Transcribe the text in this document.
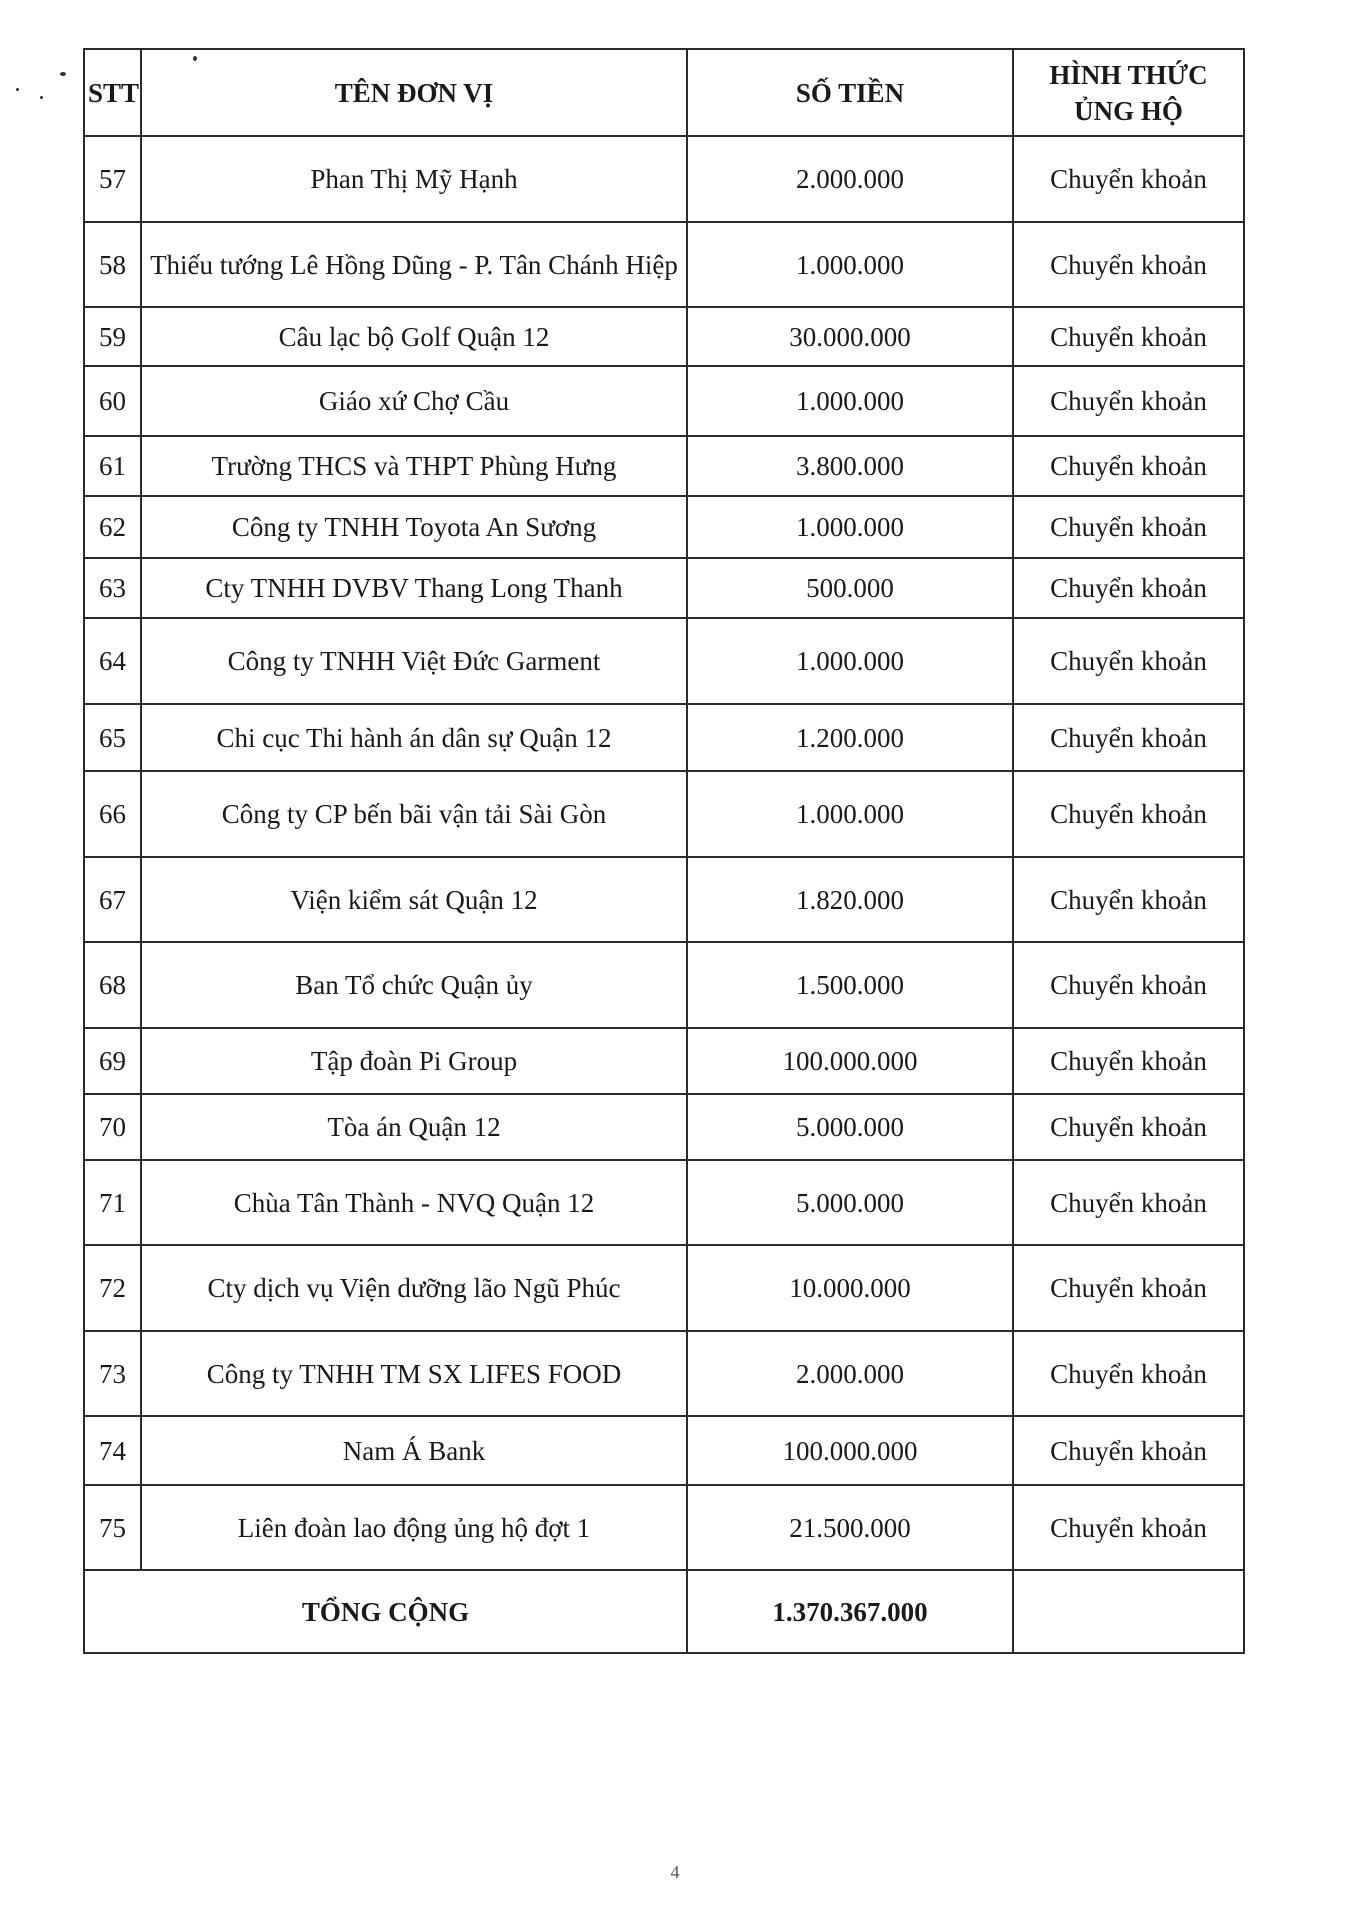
STT	TÊN ĐƠN VỊ	SỐ TIỀN	HÌNH THỨC
ỦNG HỘ

57	Phan Thị Mỹ Hạnh	2.000.000	Chuyển khoản
58	Thiếu tướng Lê Hồng Dũng - P. Tân Chánh Hiệp	1.000.000	Chuyển khoản
59	Câu lạc bộ Golf Quận 12	30.000.000	Chuyển khoản
60	Giáo xứ Chợ Cầu	1.000.000	Chuyển khoản
61	Trường THCS và THPT Phùng Hưng	3.800.000	Chuyển khoản
62	Công ty TNHH Toyota An Sương	1.000.000	Chuyển khoản
63	Cty TNHH DVBV Thang Long Thanh	500.000	Chuyển khoản
64	Công ty TNHH Việt Đức Garment	1.000.000	Chuyển khoản
65	Chi cục Thi hành án dân sự Quận 12	1.200.000	Chuyển khoản
66	Công ty CP bến bãi vận tải Sài Gòn	1.000.000	Chuyển khoản
67	Viện kiểm sát Quận 12	1.820.000	Chuyển khoản
68	Ban Tổ chức Quận ủy	1.500.000	Chuyển khoản
69	Tập đoàn Pi Group	100.000.000	Chuyển khoản
70	Tòa án Quận 12	5.000.000	Chuyển khoản
71	Chùa Tân Thành - NVQ Quận 12	5.000.000	Chuyển khoản
72	Cty dịch vụ Viện dưỡng lão Ngũ Phúc	10.000.000	Chuyển khoản
73	Công ty TNHH TM SX LIFES FOOD	2.000.000	Chuyển khoản
74	Nam Á Bank	100.000.000	Chuyển khoản
75	Liên đoàn lao động ủng hộ đợt 1	21.500.000	Chuyển khoản
TỔNG CỘNG		1.370.367.000	
4
